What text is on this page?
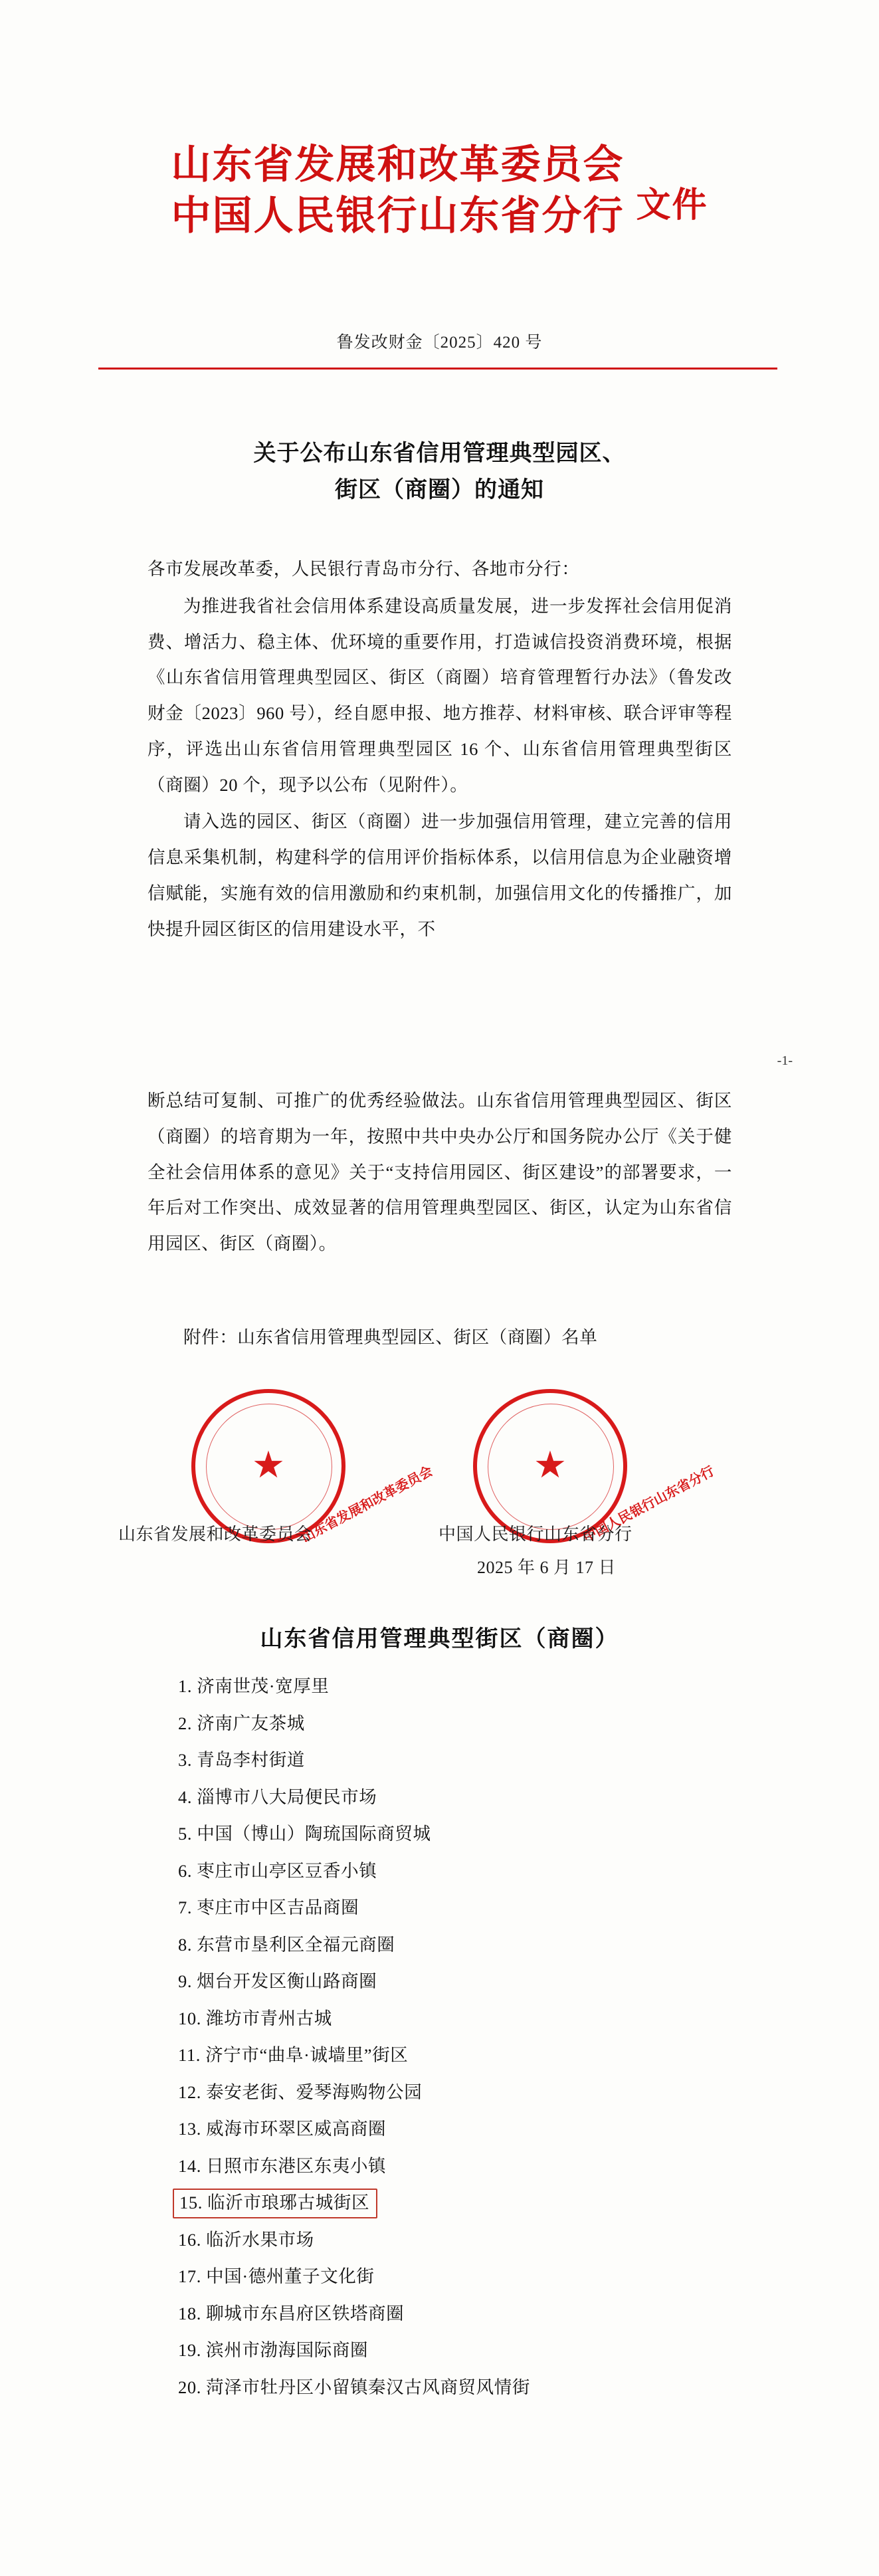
山东省发展和改革委员会
中国人民银行山东省分行 文件
鲁发改财金〔2025〕420 号
关于公布山东省信用管理典型园区、
街区（商圈）的通知

各市发展改革委，人民银行青岛市分行、各地市分行：

为推进我省社会信用体系建设高质量发展，进一步发挥社会信用促消费、增活力、稳主体、优环境的重要作用，打造诚信投资消费环境，根据《山东省信用管理典型园区、街区（商圈）培育管理暂行办法》（鲁发改财金〔2023〕960 号），经自愿申报、地方推荐、材料审核、联合评审等程序，评选出山东省信用管理典型园区 16 个、山东省信用管理典型街区（商圈）20 个，现予以公布（见附件）。

请入选的园区、街区（商圈）进一步加强信用管理，建立完善的信用信息采集机制，构建科学的信用评价指标体系，以信用信息为企业融资增信赋能，实施有效的信用激励和约束机制，加强信用文化的传播推广，加快提升园区街区的信用建设水平，不

-1-

断总结可复制、可推广的优秀经验做法。山东省信用管理典型园区、街区（商圈）的培育期为一年，按照中共中央办公厅和国务院办公厅《关于健全社会信用体系的意见》关于“支持信用园区、街区建设”的部署要求，一年后对工作突出、成效显著的信用管理典型园区、街区，认定为山东省信用园区、街区（商圈）。

附件：山东省信用管理典型园区、街区（商圈）名单
★ 山东省发展和改革委员会	★ 中国人民银行山东省分行
山东省发展和改革委员会	中国人民银行山东省分行
2025 年 6 月 17 日
山东省信用管理典型街区（商圈）
1. 济南世茂·宽厚里
2. 济南广友茶城
3. 青岛李村街道
4. 淄博市八大局便民市场
5. 中国（博山）陶琉国际商贸城
6. 枣庄市山亭区豆香小镇
7. 枣庄市中区吉品商圈
8. 东营市垦利区全福元商圈
9. 烟台开发区衡山路商圈
10. 潍坊市青州古城
11. 济宁市“曲阜·诚墙里”街区
12. 泰安老街、爱琴海购物公园
13. 威海市环翠区威高商圈
14. 日照市东港区东夷小镇
15. 临沂市琅琊古城街区
16. 临沂水果市场
17. 中国·德州董子文化街
18. 聊城市东昌府区铁塔商圈
19. 滨州市渤海国际商圈
20. 菏泽市牡丹区小留镇秦汉古风商贸风情街
